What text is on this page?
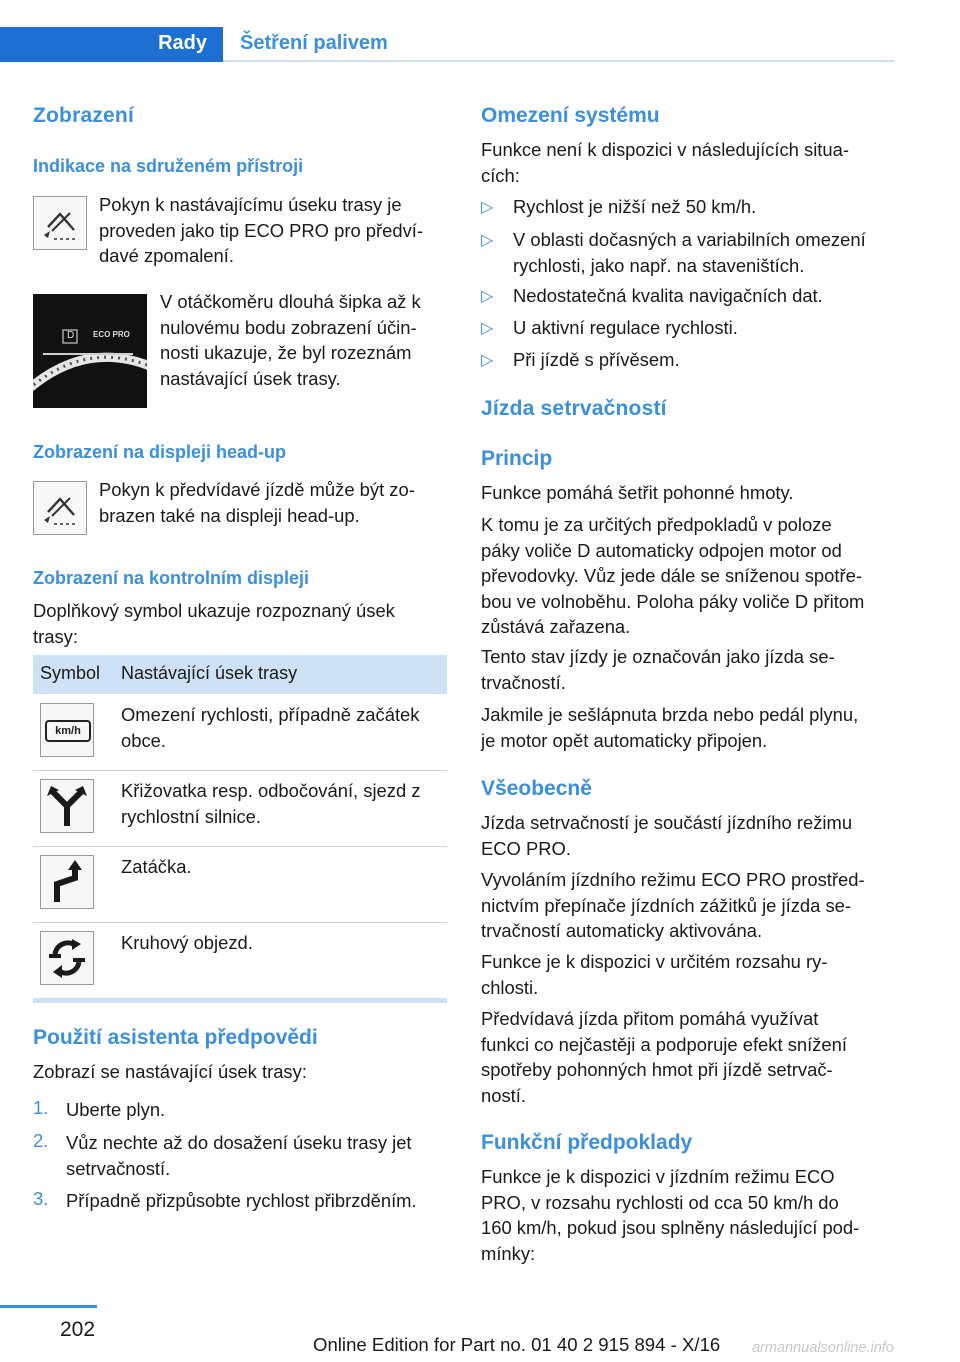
Rady Šetření palivem
Zobrazení
Indikace na sdruženém přístroji
Pokyn k nastávajícímu úseku trasy je
proveden jako tip ECO PRO pro předví-
davé zpomalení.
D ECO PRO
V otáčkoměru dlouhá šipka až k
nulovému bodu zobrazení účin-
nosti ukazuje, že byl rozeznám
nastávající úsek trasy.
Zobrazení na displeji head-up
Pokyn k předvídavé jízdě může být zo-
brazen také na displeji head-up.
Zobrazení na kontrolním displeji
Doplňkový symbol ukazuje rozpoznaný úsek
trasy:
Symbol Nastávající úsek trasy
km/h
Omezení rychlosti, případně začátek
obce.
Křižovatka resp. odbočování, sjezd z
rychlostní silnice.
Zatáčka.
Kruhový objezd.
Použití asistenta předpovědi
Zobrazí se nastávající úsek trasy:
1. Uberte plyn.
2. Vůz nechte až do dosažení úseku trasy jet
setrvačností.
3. Případně přizpůsobte rychlost přibrzděním.
Omezení systému
Funkce není k dispozici v následujících situa-
cích:
▷ Rychlost je nižší než 50 km/h.
▷ V oblasti dočasných a variabilních omezení
rychlosti, jako např. na staveništích.
▷ Nedostatečná kvalita navigačních dat.
▷ U aktivní regulace rychlosti.
▷ Při jízdě s přívěsem.
Jízda setrvačností
Princip
Funkce pomáhá šetřit pohonné hmoty.
K tomu je za určitých předpokladů v poloze
páky voliče D automaticky odpojen motor od
převodovky. Vůz jede dále se sníženou spotře-
bou ve volnoběhu. Poloha páky voliče D přitom
zůstává zařazena.
Tento stav jízdy je označován jako jízda se-
trvačností.
Jakmile je sešlápnuta brzda nebo pedál plynu,
je motor opět automaticky připojen.
Všeobecně
Jízda setrvačností je součástí jízdního režimu
ECO PRO.
Vyvoláním jízdního režimu ECO PRO prostřed-
nictvím přepínače jízdních zážitků je jízda se-
trvačností automaticky aktivována.
Funkce je k dispozici v určitém rozsahu ry-
chlosti.
Předvídavá jízda přitom pomáhá využívat
funkci co nejčastěji a podporuje efekt snížení
spotřeby pohonných hmot při jízdě setrvač-
ností.
Funkční předpoklady
Funkce je k dispozici v jízdním režimu ECO
PRO, v rozsahu rychlosti od cca 50 km/h do
160 km/h, pokud jsou splněny následující pod-
mínky:
202
Online Edition for Part no. 01 40 2 915 894 - X/16 armannualsonline.info
